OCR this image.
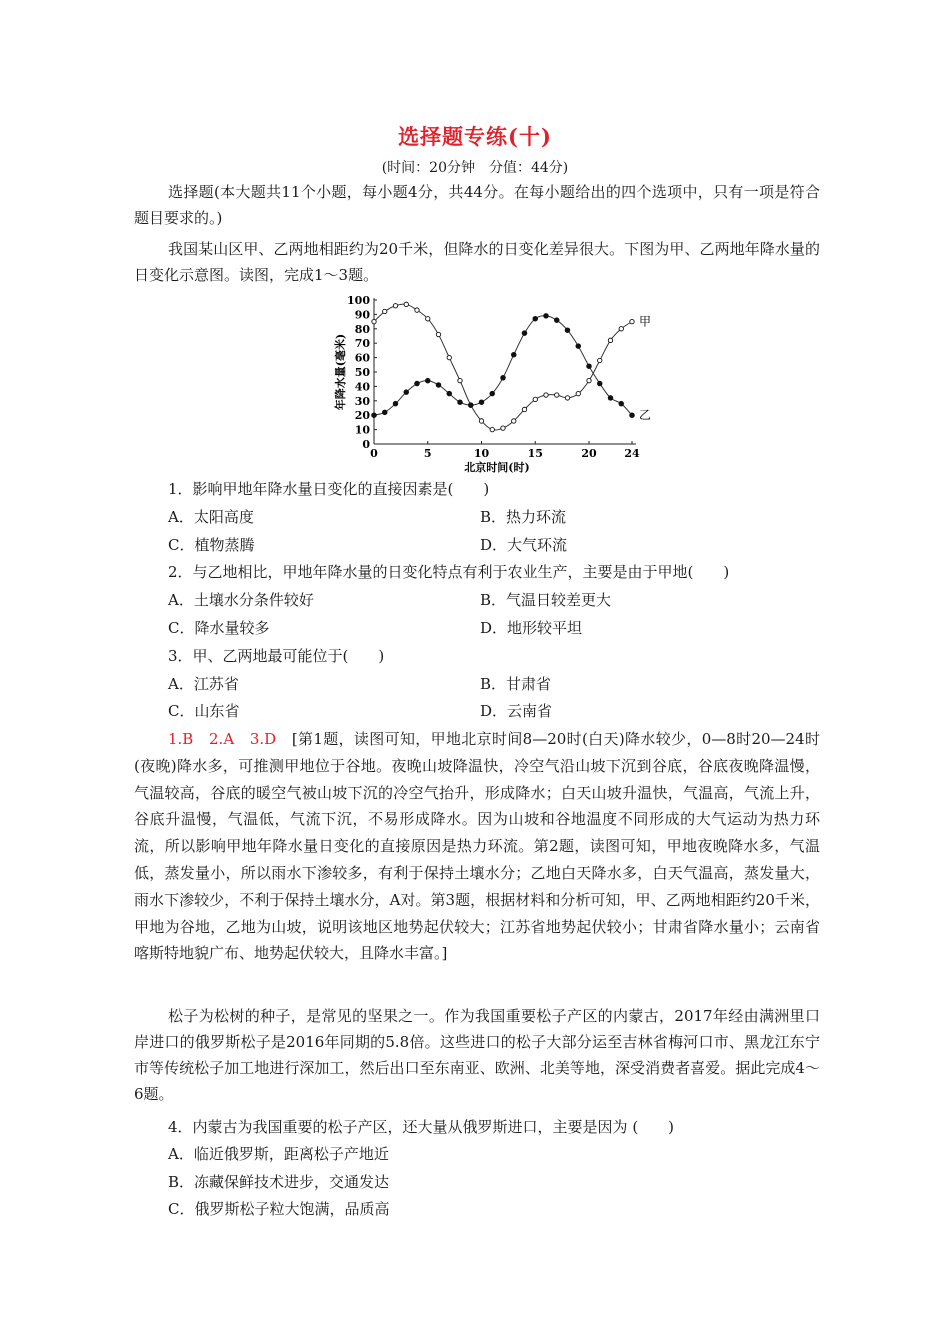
选择题专练(十)
(时间：20分钟　分值：44分)

选择题(本大题共11个小题，每小题4分，共44分。在每小题给出的四个选项中，只有一项是符合题目要求的。)

我国某山区甲、乙两地相距约为20千米，但降水的日变化差异很大。下图为甲、乙两地年降水量的日变化示意图。读图，完成1～3题。

0
10
20
30
40
50
60
70
80
90
100
0	5	10	15	20	24
北京时间(时)
年降水量(毫米)
甲
乙
1．影响甲地年降水量日变化的直接因素是(　　)
A．太阳高度	B．热力环流
C．植物蒸腾	D．大气环流
2．与乙地相比，甲地年降水量的日变化特点有利于农业生产，主要是由于甲地(　　)
A．土壤水分条件较好	B．气温日较差更大
C．降水量较多	D．地形较平坦
3．甲、乙两地最可能位于(　　)
A．江苏省	B．甘肃省
C．山东省	D．云南省

1.B　2.A　3.D　[第1题，读图可知，甲地北京时间8—20时(白天)降水较少，0—8时20—24时(夜晚)降水多，可推测甲地位于谷地。夜晚山坡降温快，冷空气沿山坡下沉到谷底，谷底夜晚降温慢，气温较高，谷底的暖空气被山坡下沉的冷空气抬升，形成降水；白天山坡升温快，气温高，气流上升，谷底升温慢，气温低，气流下沉，不易形成降水。因为山坡和谷地温度不同形成的大气运动为热力环流，所以影响甲地年降水量日变化的直接原因是热力环流。第2题，读图可知，甲地夜晚降水多，气温低，蒸发量小，所以雨水下渗较多，有利于保持土壤水分；乙地白天降水多，白天气温高，蒸发量大，雨水下渗较少，不利于保持土壤水分，A对。第3题，根据材料和分析可知，甲、乙两地相距约20千米，甲地为谷地，乙地为山坡，说明该地区地势起伏较大；江苏省地势起伏较小；甘肃省降水量小；云南省喀斯特地貌广布、地势起伏较大，且降水丰富。]

松子为松树的种子，是常见的坚果之一。作为我国重要松子产区的内蒙古，2017年经由满洲里口岸进口的俄罗斯松子是2016年同期的5.8倍。这些进口的松子大部分运至吉林省梅河口市、黑龙江东宁市等传统松子加工地进行深加工，然后出口至东南亚、欧洲、北美等地，深受消费者喜爱。据此完成4～6题。

4．内蒙古为我国重要的松子产区，还大量从俄罗斯进口，主要是因为 (　　)
A．临近俄罗斯，距离松子产地近
B．冻藏保鲜技术进步，交通发达
C．俄罗斯松子粒大饱满，品质高
